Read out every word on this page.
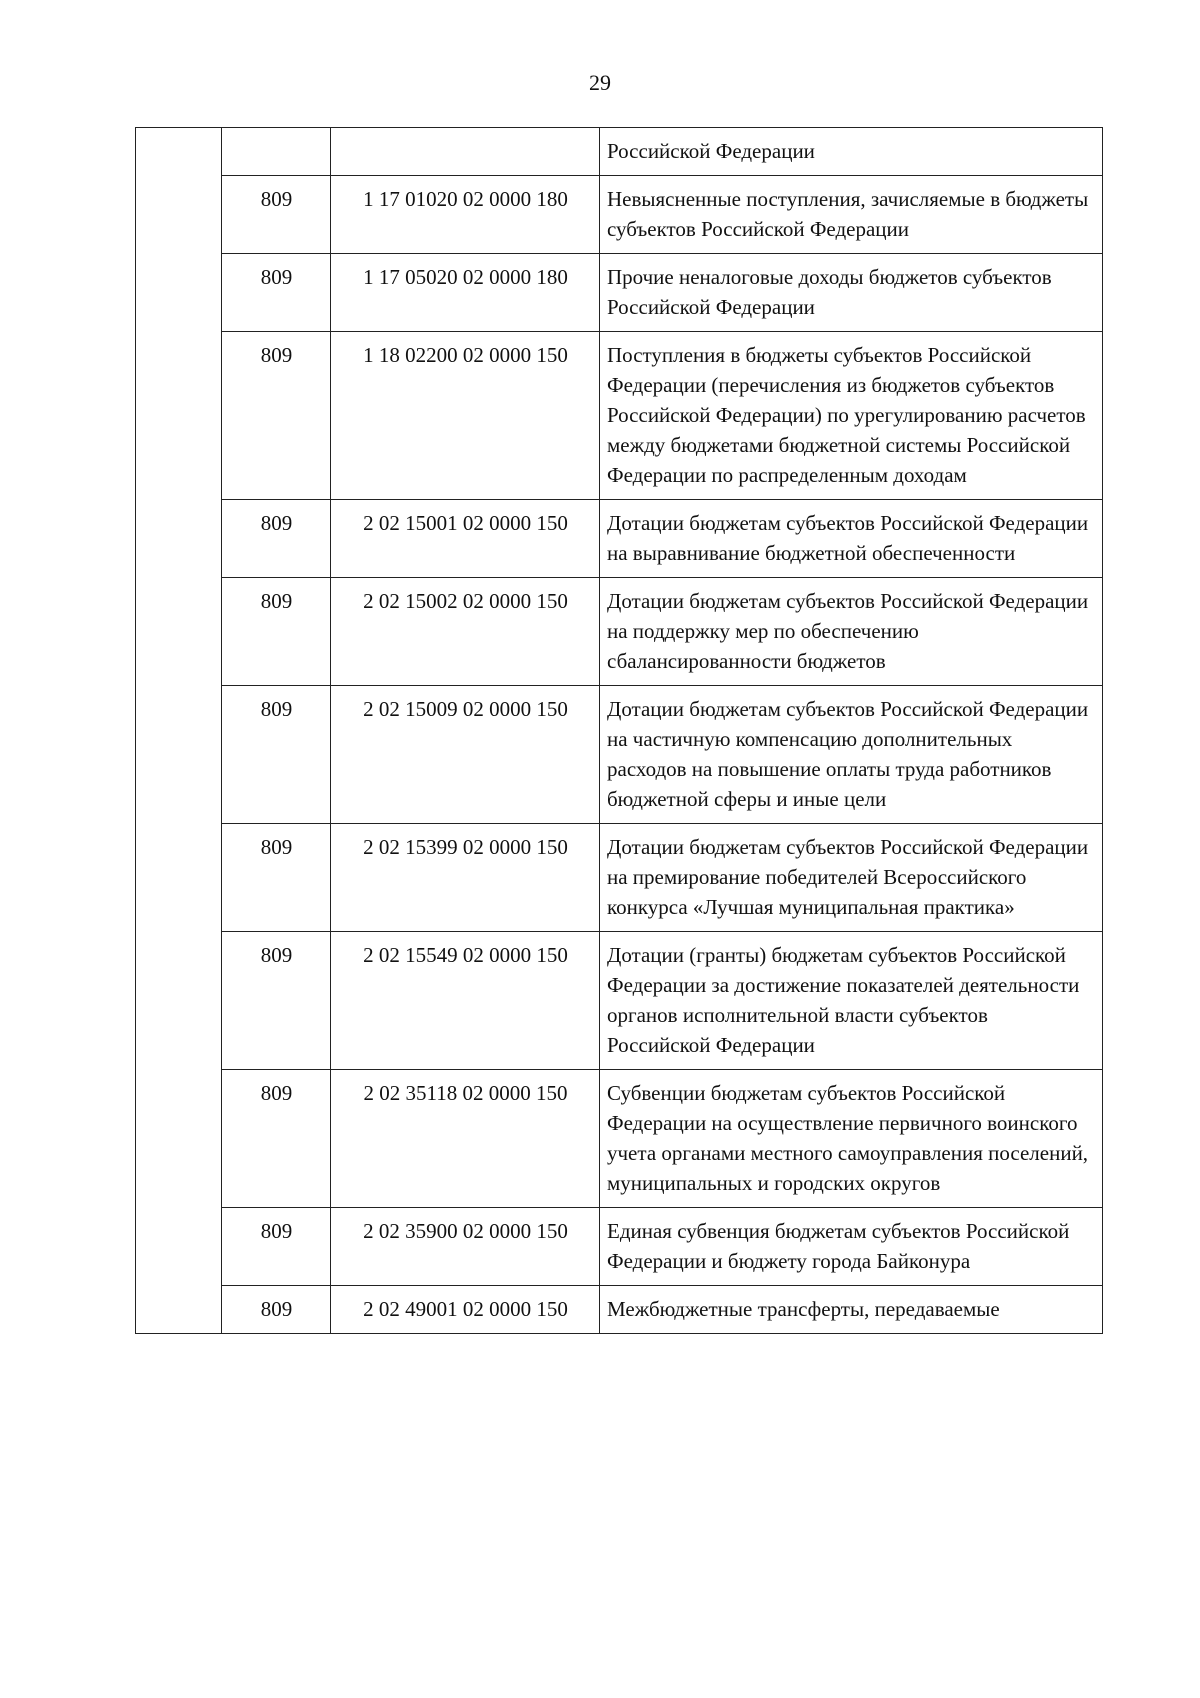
29
			Российской Федерации
	809	1 17 01020 02 0000 180	Невыясненные поступления, зачисляемые в бюджеты субъектов Российской Федерации
	809	1 17 05020 02 0000 180	Прочие неналоговые доходы бюджетов субъектов Российской Федерации
	809	1 18 02200 02 0000 150	Поступления в бюджеты субъектов Российской Федерации (перечисления из бюджетов субъектов Российской Федерации) по урегулированию расчетов между бюджетами бюджетной системы Российской Федерации по распределенным доходам
	809	2 02 15001 02 0000 150	Дотации бюджетам субъектов Российской Федерации на выравнивание бюджетной обеспеченности
	809	2 02 15002 02 0000 150	Дотации бюджетам субъектов Российской Федерации на поддержку мер по обеспечению сбалансированности бюджетов
	809	2 02 15009 02 0000 150	Дотации бюджетам субъектов Российской Федерации на частичную компенсацию дополнительных расходов на повышение оплаты труда работников бюджетной сферы и иные цели
	809	2 02 15399 02 0000 150	Дотации бюджетам субъектов Российской Федерации на премирование победителей Всероссийского конкурса «Лучшая муниципальная практика»
	809	2 02 15549 02 0000 150	Дотации (гранты) бюджетам субъектов Российской Федерации за достижение показателей деятельности органов исполнительной власти субъектов Российской Федерации
	809	2 02 35118 02 0000 150	Субвенции бюджетам субъектов Российской Федерации на осуществление первичного воинского учета органами местного самоуправления поселений, муниципальных и городских округов
	809	2 02 35900 02 0000 150	Единая субвенция бюджетам субъектов Российской Федерации и бюджету города Байконура
	809	2 02 49001 02 0000 150	Межбюджетные трансферты, передаваемые
